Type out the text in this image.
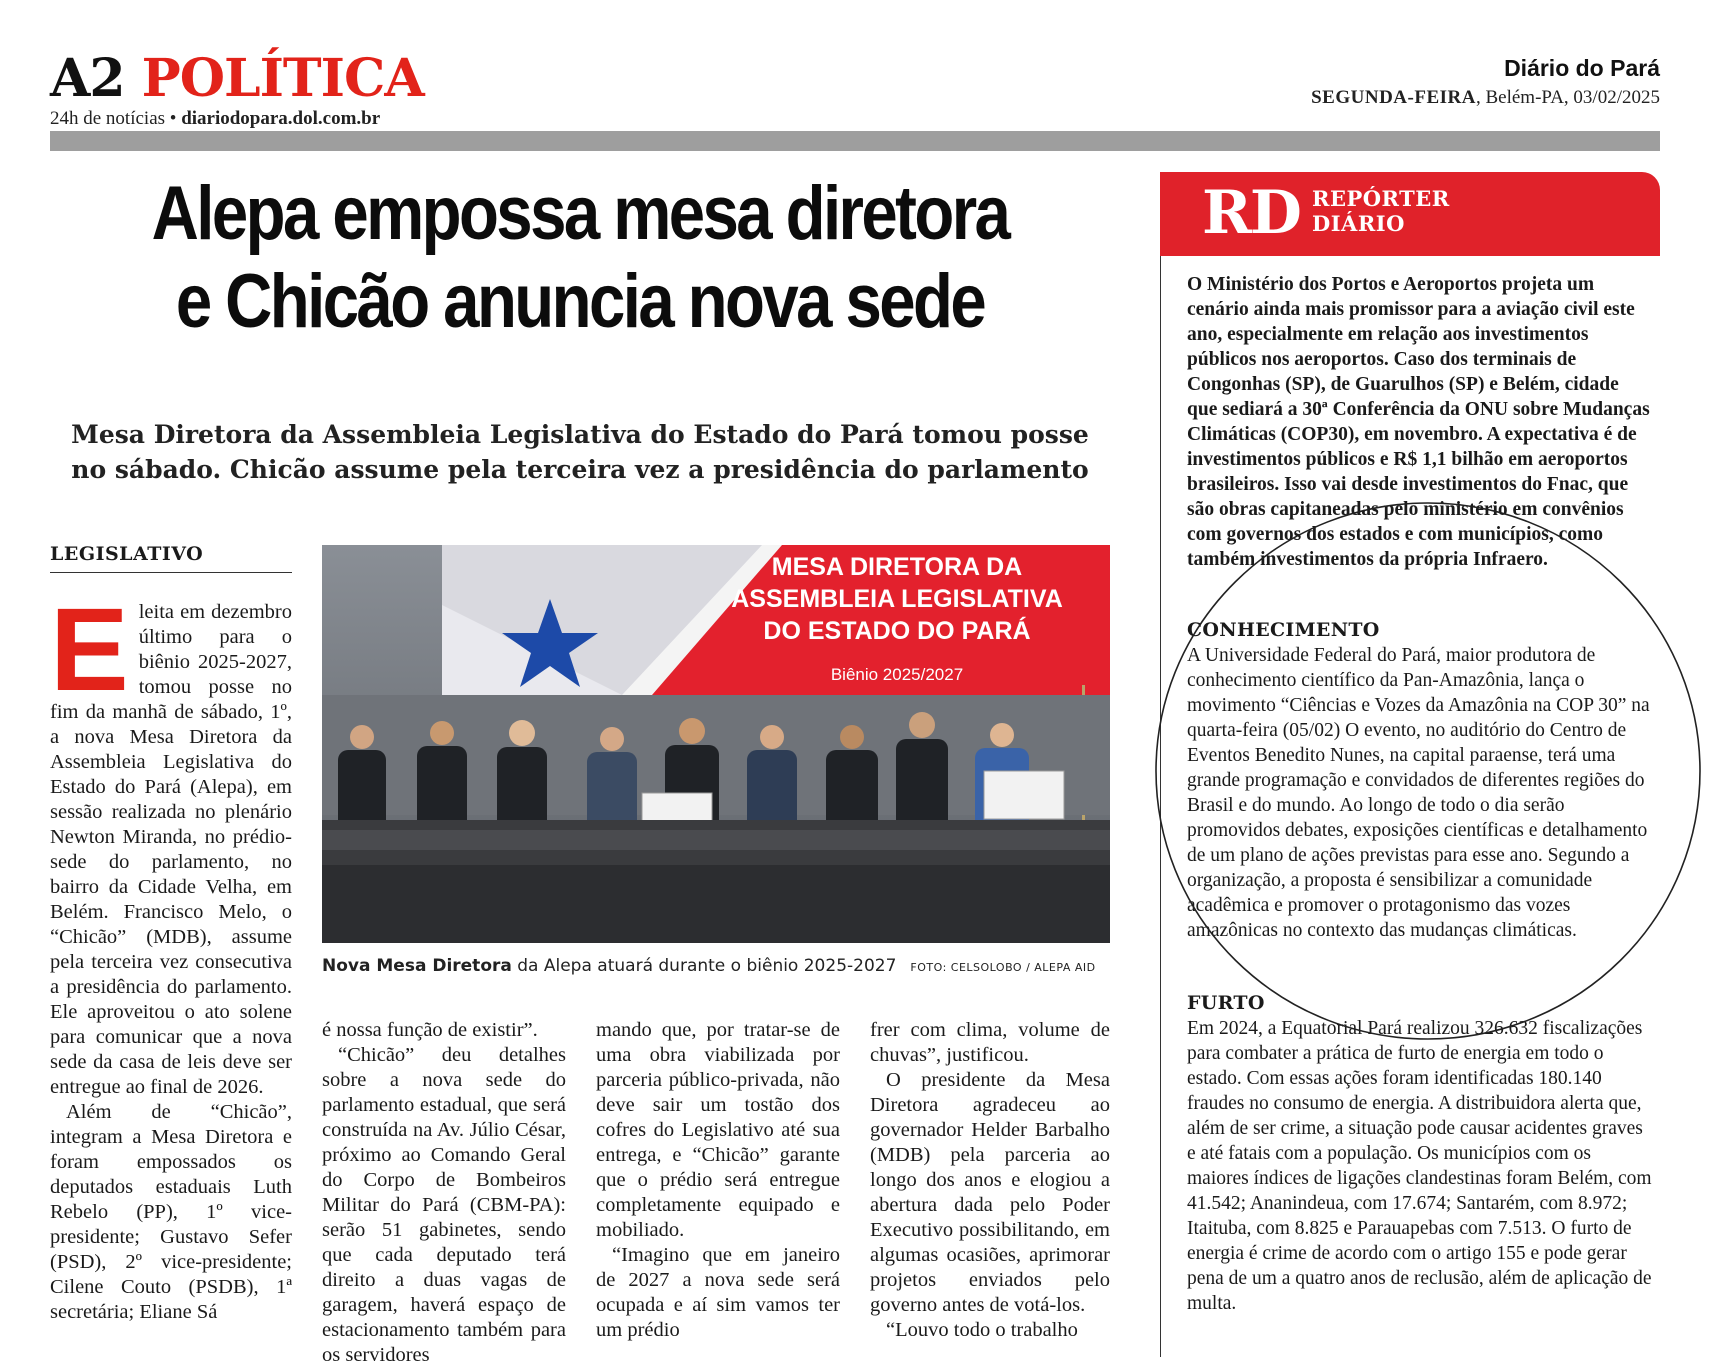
A2 POLÍTICA
24h de notícias • diariodopara.dol.com.br
Diário do Pará
SEGUNDA-FEIRA, Belém-PA, 03/02/2025
Alepa empossa mesa diretora
e Chicão anuncia nova sede
Mesa Diretora da Assembleia Legislativa do Estado do Pará tomou posse
no sábado. Chicão assume pela terceira vez a presidência do parlamento
LEGISLATIVO

Eleita em dezembro último para o biênio 2025-2027, tomou posse no fim da manhã de sábado, 1º, a nova Mesa Diretora da Assembleia Legislativa do Estado do Pará (Alepa), em sessão realizada no plenário Newton Miranda, no prédio-sede do parlamento, no bairro da Cidade Velha, em Belém. Francisco Melo, o “Chicão” (MDB), assume pela terceira vez consecutiva a presidência do parlamento. Ele aproveitou o ato solene para comunicar que a nova sede da casa de leis deve ser entregue ao final de 2026.

Além de “Chicão”, integram a Mesa Diretora e foram empossados os deputados estaduais Luth Rebelo (PP), 1º vice-presidente; Gustavo Sefer (PSD), 2º vice-presidente; Cilene Couto (PSDB), 1ª secretária; Eliane Sá

é nossa função de existir”.

“Chicão” deu detalhes sobre a nova sede do parlamento estadual, que será construída na Av. Júlio César, próximo ao Comando Geral do Corpo de Bombeiros Militar do Pará (CBM-PA): serão 51 gabinetes, sendo que cada deputado terá direito a duas vagas de garagem, haverá espaço de estacionamento também para os servidores

mando que, por tratar-se de uma obra viabilizada por parceria público-privada, não deve sair um tostão dos cofres do Legislativo até sua entrega, e “Chicão” garante que o prédio será entregue completamente equipado e mobiliado.

“Imagino que em janeiro de 2027 a nova sede será ocupada e aí sim vamos ter um prédio

frer com clima, volume de chuvas”, justificou.

O presidente da Mesa Diretora agradeceu ao governador Helder Barbalho (MDB) pela parceria ao longo dos anos e elogiou a abertura dada pelo Poder Executivo possibilitando, em algumas ocasiões, aprimorar projetos enviados pelo governo antes de votá-los.

“Louvo todo o trabalho

MESA DIRETORA DA
ASSEMBLEIA LEGISLATIVA
DO ESTADO DO PARÁ
Biênio 2025/2027
Nova Mesa Diretora da Alepa atuará durante o biênio 2025-2027 FOTO: CELSOLOBO / ALEPA AID
RD REPÓRTER
DIÁRIO

O Ministério dos Portos e Aeroportos projeta um cenário ainda mais promissor para a aviação civil este ano, especialmente em relação aos investimentos públicos nos aeroportos. Caso dos terminais de Congonhas (SP), de Guarulhos (SP) e Belém, cidade que sediará a 30ª Conferência da ONU sobre Mudanças Climáticas (COP30), em novembro. A expectativa é de investimentos públicos e R$ 1,1 bilhão em aeroportos brasileiros. Isso vai desde investimentos do Fnac, que são obras capitaneadas pelo ministério em convênios com governos dos estados e com municípios, como também investimentos da própria Infraero.

CONHECIMENTO

A Universidade Federal do Pará, maior produtora de conhecimento científico da Pan-Amazônia, lança o movimento “Ciências e Vozes da Amazônia na COP 30” na quarta-feira (05/02) O evento, no auditório do Centro de Eventos Benedito Nunes, na capital paraense, terá uma grande programação e convidados de diferentes regiões do Brasil e do mundo. Ao longo de todo o dia serão promovidos debates, exposições científicas e detalhamento de um plano de ações previstas para esse ano. Segundo a organização, a proposta é sensibilizar a comunidade acadêmica e promover o protagonismo das vozes amazônicas no contexto das mudanças climáticas.

FURTO

Em 2024, a Equatorial Pará realizou 326.632 fiscalizações para combater a prática de furto de energia em todo o estado. Com essas ações foram identificadas 180.140 fraudes no consumo de energia. A distribuidora alerta que, além de ser crime, a situação pode causar acidentes graves e até fatais com a população. Os municípios com os maiores índices de ligações clandestinas foram Belém, com 41.542; Ananindeua, com 17.674; Santarém, com 8.972; Itaituba, com 8.825 e Parauapebas com 7.513. O furto de energia é crime de acordo com o artigo 155 e pode gerar pena de um a quatro anos de reclusão, além de aplicação de multa.
